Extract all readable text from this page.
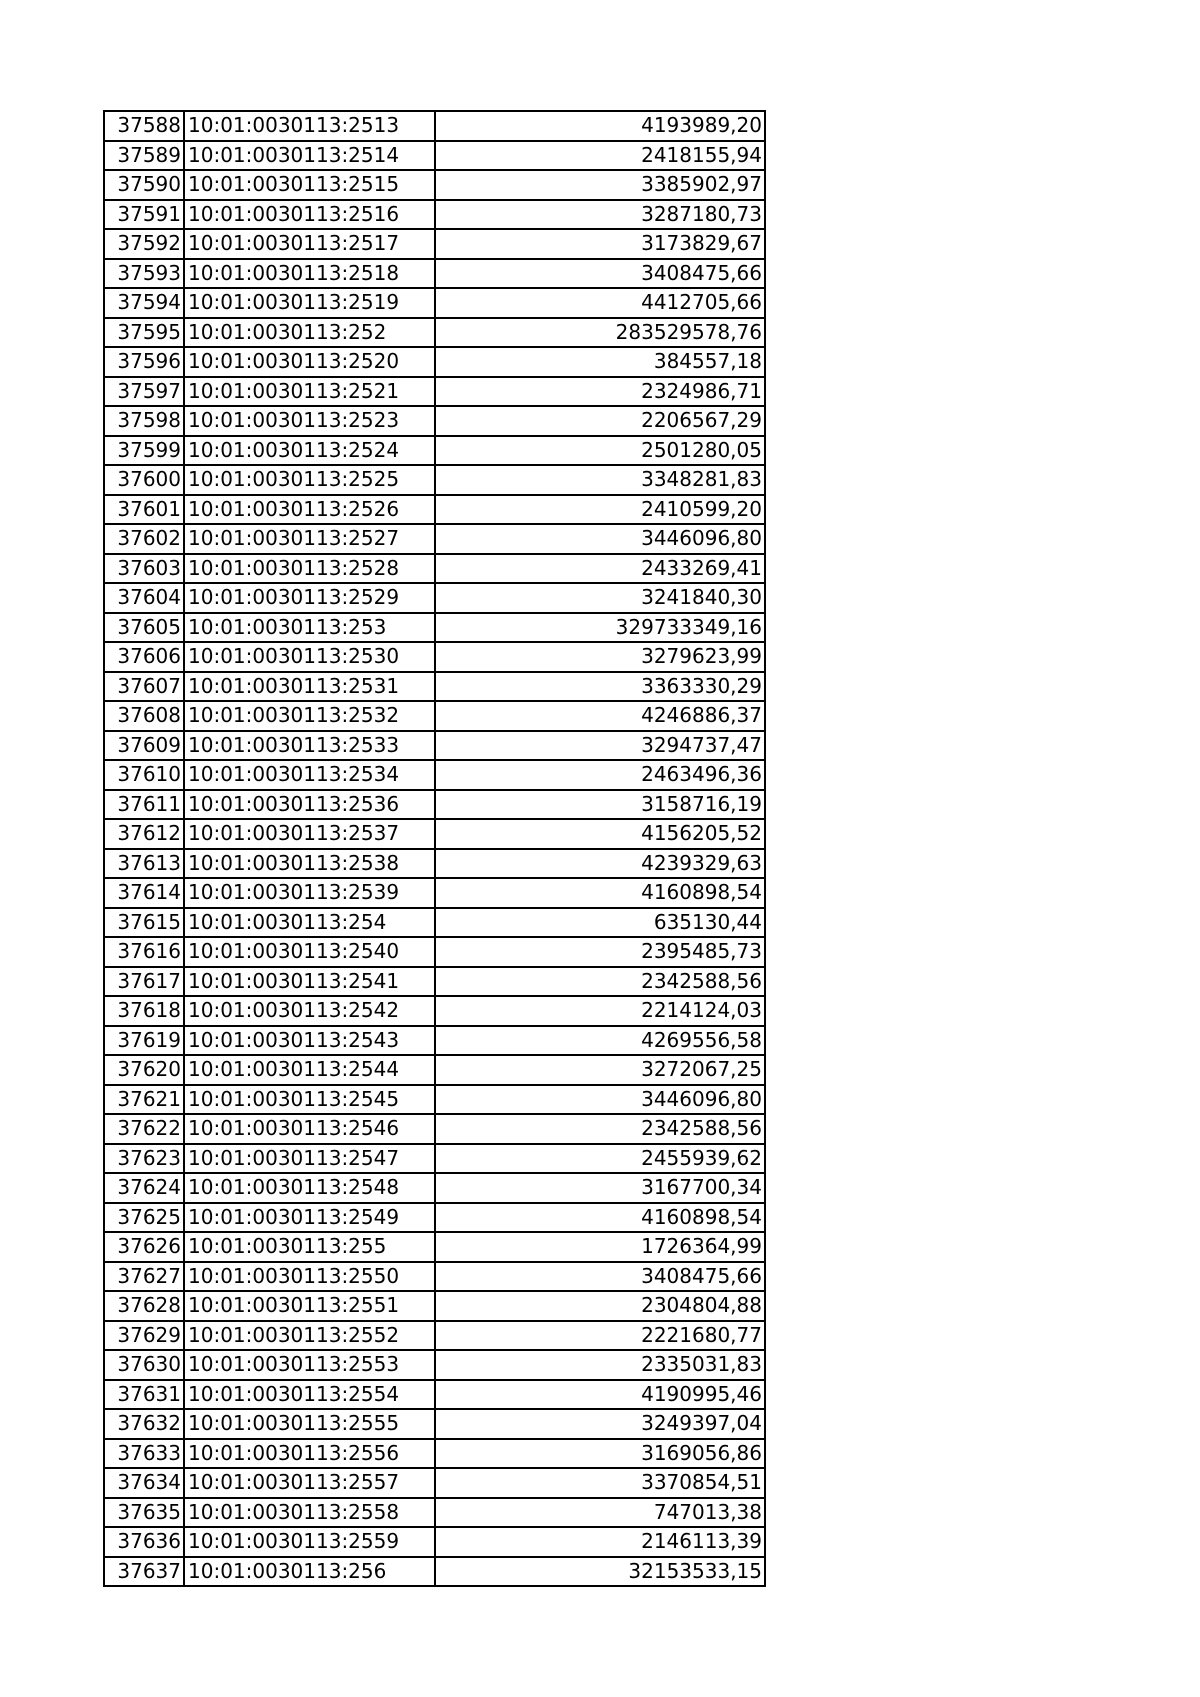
37588	10:01:0030113:2513	4193989,20
37589	10:01:0030113:2514	2418155,94
37590	10:01:0030113:2515	3385902,97
37591	10:01:0030113:2516	3287180,73
37592	10:01:0030113:2517	3173829,67
37593	10:01:0030113:2518	3408475,66
37594	10:01:0030113:2519	4412705,66
37595	10:01:0030113:252	283529578,76
37596	10:01:0030113:2520	384557,18
37597	10:01:0030113:2521	2324986,71
37598	10:01:0030113:2523	2206567,29
37599	10:01:0030113:2524	2501280,05
37600	10:01:0030113:2525	3348281,83
37601	10:01:0030113:2526	2410599,20
37602	10:01:0030113:2527	3446096,80
37603	10:01:0030113:2528	2433269,41
37604	10:01:0030113:2529	3241840,30
37605	10:01:0030113:253	329733349,16
37606	10:01:0030113:2530	3279623,99
37607	10:01:0030113:2531	3363330,29
37608	10:01:0030113:2532	4246886,37
37609	10:01:0030113:2533	3294737,47
37610	10:01:0030113:2534	2463496,36
37611	10:01:0030113:2536	3158716,19
37612	10:01:0030113:2537	4156205,52
37613	10:01:0030113:2538	4239329,63
37614	10:01:0030113:2539	4160898,54
37615	10:01:0030113:254	635130,44
37616	10:01:0030113:2540	2395485,73
37617	10:01:0030113:2541	2342588,56
37618	10:01:0030113:2542	2214124,03
37619	10:01:0030113:2543	4269556,58
37620	10:01:0030113:2544	3272067,25
37621	10:01:0030113:2545	3446096,80
37622	10:01:0030113:2546	2342588,56
37623	10:01:0030113:2547	2455939,62
37624	10:01:0030113:2548	3167700,34
37625	10:01:0030113:2549	4160898,54
37626	10:01:0030113:255	1726364,99
37627	10:01:0030113:2550	3408475,66
37628	10:01:0030113:2551	2304804,88
37629	10:01:0030113:2552	2221680,77
37630	10:01:0030113:2553	2335031,83
37631	10:01:0030113:2554	4190995,46
37632	10:01:0030113:2555	3249397,04
37633	10:01:0030113:2556	3169056,86
37634	10:01:0030113:2557	3370854,51
37635	10:01:0030113:2558	747013,38
37636	10:01:0030113:2559	2146113,39
37637	10:01:0030113:256	32153533,15
